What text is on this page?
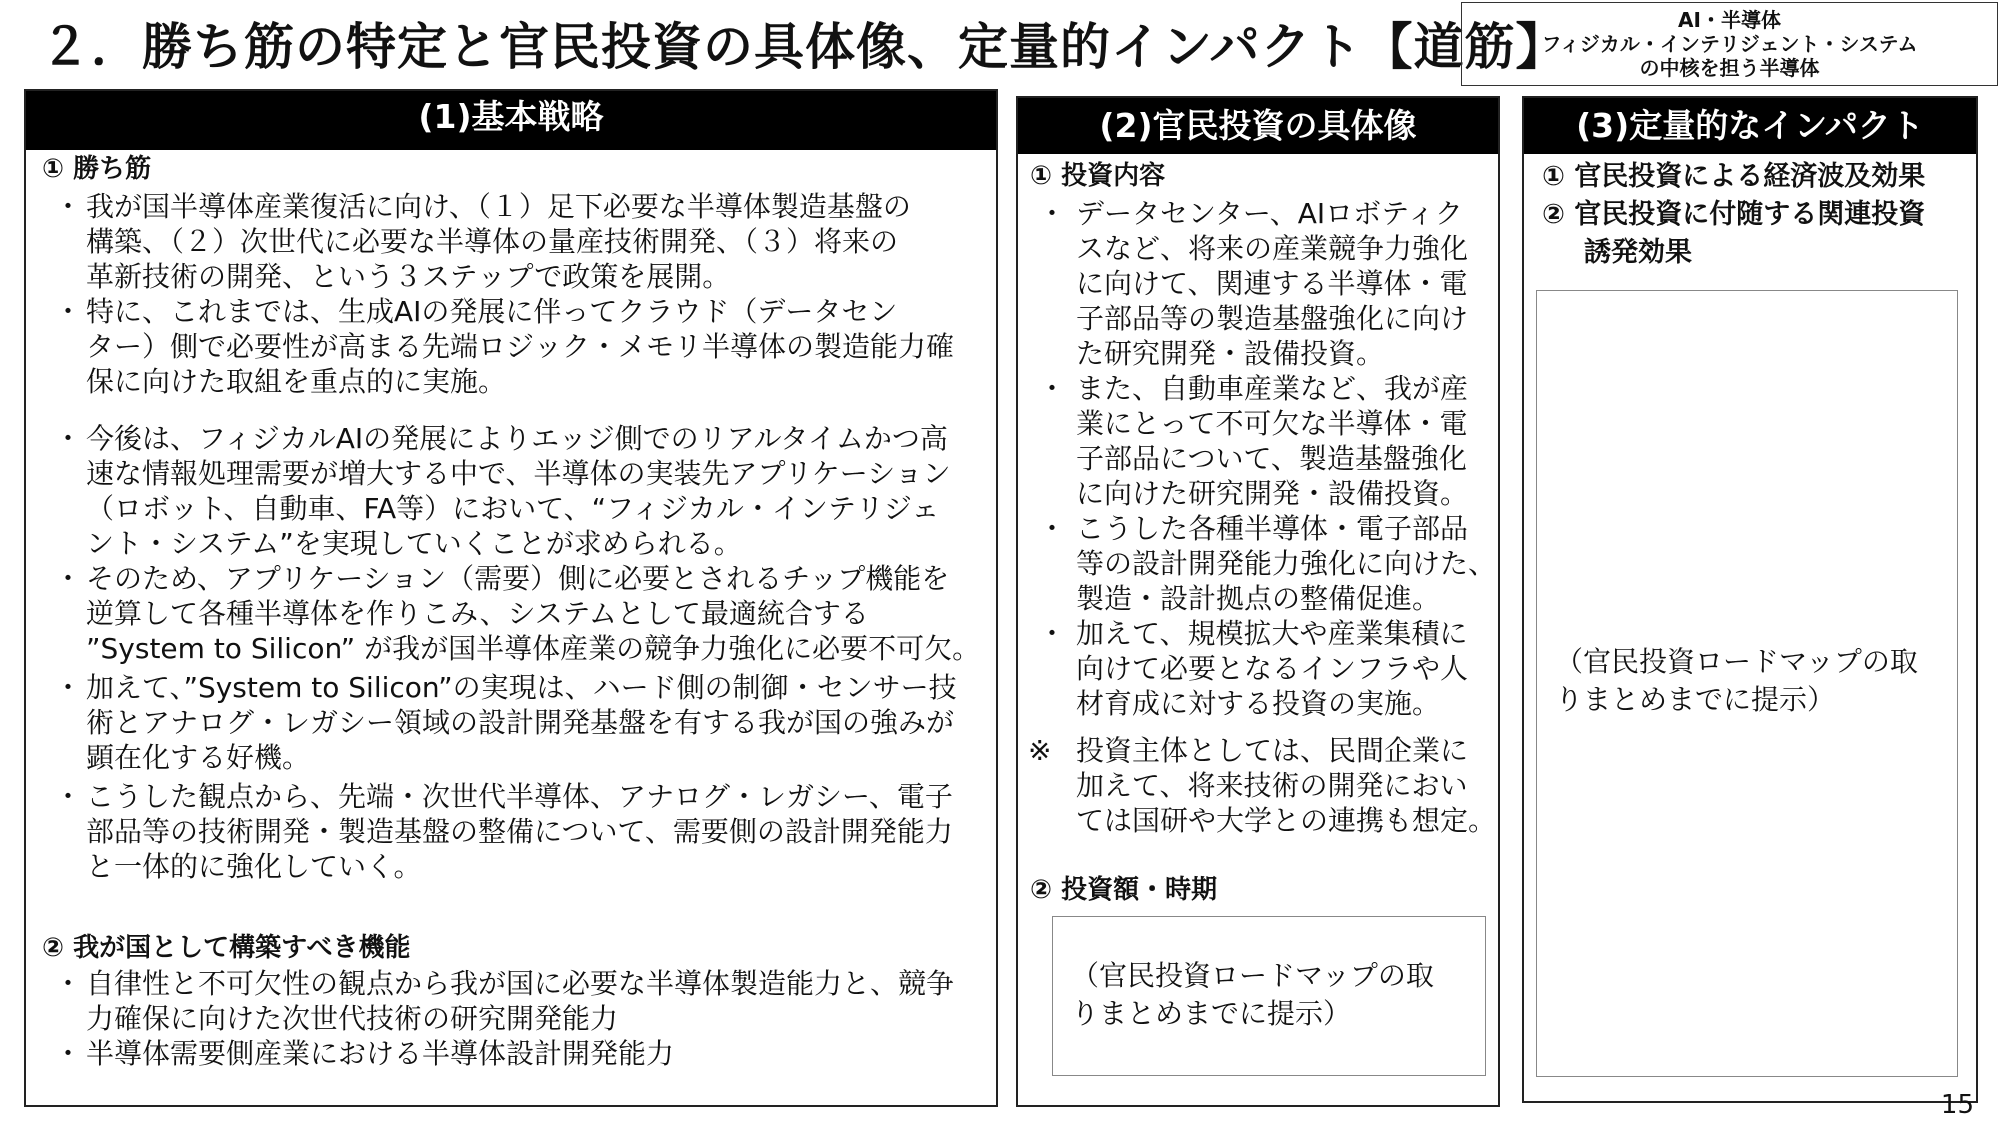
２．勝ち筋の特定と官民投資の具体像、定量的インパクト【道筋】	AI・半導体
フィジカル・インテリジェント・システム
の中核を担う半導体
(1)基本戦略
① 勝ち筋
・ 我が国半導体産業復活に向け、（１）足下必要な半導体製造基盤の
構築、（２）次世代に必要な半導体の量産技術開発、（３）将来の
革新技術の開発、という３ステップで政策を展開。
・ 特に、これまでは、生成AIの発展に伴ってクラウド（データセン
ター）側で必要性が高まる先端ロジック・メモリ半導体の製造能力確
保に向けた取組を重点的に実施。
・ 今後は、フィジカルAIの発展によりエッジ側でのリアルタイムかつ高
速な情報処理需要が増大する中で、半導体の実装先アプリケーション
（ロボット、自動車、FA等）において、“フィジカル・インテリジェ
ント・システム”を実現していくことが求められる。
・ そのため、アプリケーション（需要）側に必要とされるチップ機能を
逆算して各種半導体を作りこみ、システムとして最適統合する
”System to Silicon” が我が国半導体産業の競争力強化に必要不可欠。
・ 加えて、”System to Silicon”の実現は、ハード側の制御・センサー技
術とアナログ・レガシー領域の設計開発基盤を有する我が国の強みが
顕在化する好機。
・ こうした観点から、先端・次世代半導体、アナログ・レガシー、電子
部品等の技術開発・製造基盤の整備について、需要側の設計開発能力
と一体的に強化していく。
② 我が国として構築すべき機能
・ 自律性と不可欠性の観点から我が国に必要な半導体製造能力と、競争
力確保に向けた次世代技術の研究開発能力
・ 半導体需要側産業における半導体設計開発能力
(2)官民投資の具体像
① 投資内容
・ データセンター、AIロボティク
スなど、将来の産業競争力強化
に向けて、関連する半導体・電
子部品等の製造基盤強化に向け
た研究開発・設備投資。
・ また、自動車産業など、我が産
業にとって不可欠な半導体・電
子部品について、製造基盤強化
に向けた研究開発・設備投資。
・ こうした各種半導体・電子部品
等の設計開発能力強化に向けた、
製造・設計拠点の整備促進。
・ 加えて、規模拡大や産業集積に
向けて必要となるインフラや人
材育成に対する投資の実施。
※ 投資主体としては、民間企業に
加えて、将来技術の開発におい
ては国研や大学との連携も想定。
② 投資額・時期
（官民投資ロードマップの取
りまとめまでに提示）
(3)定量的なインパクト
① 官民投資による経済波及効果
② 官民投資に付随する関連投資
誘発効果
（官民投資ロードマップの取
りまとめまでに提示）
15
